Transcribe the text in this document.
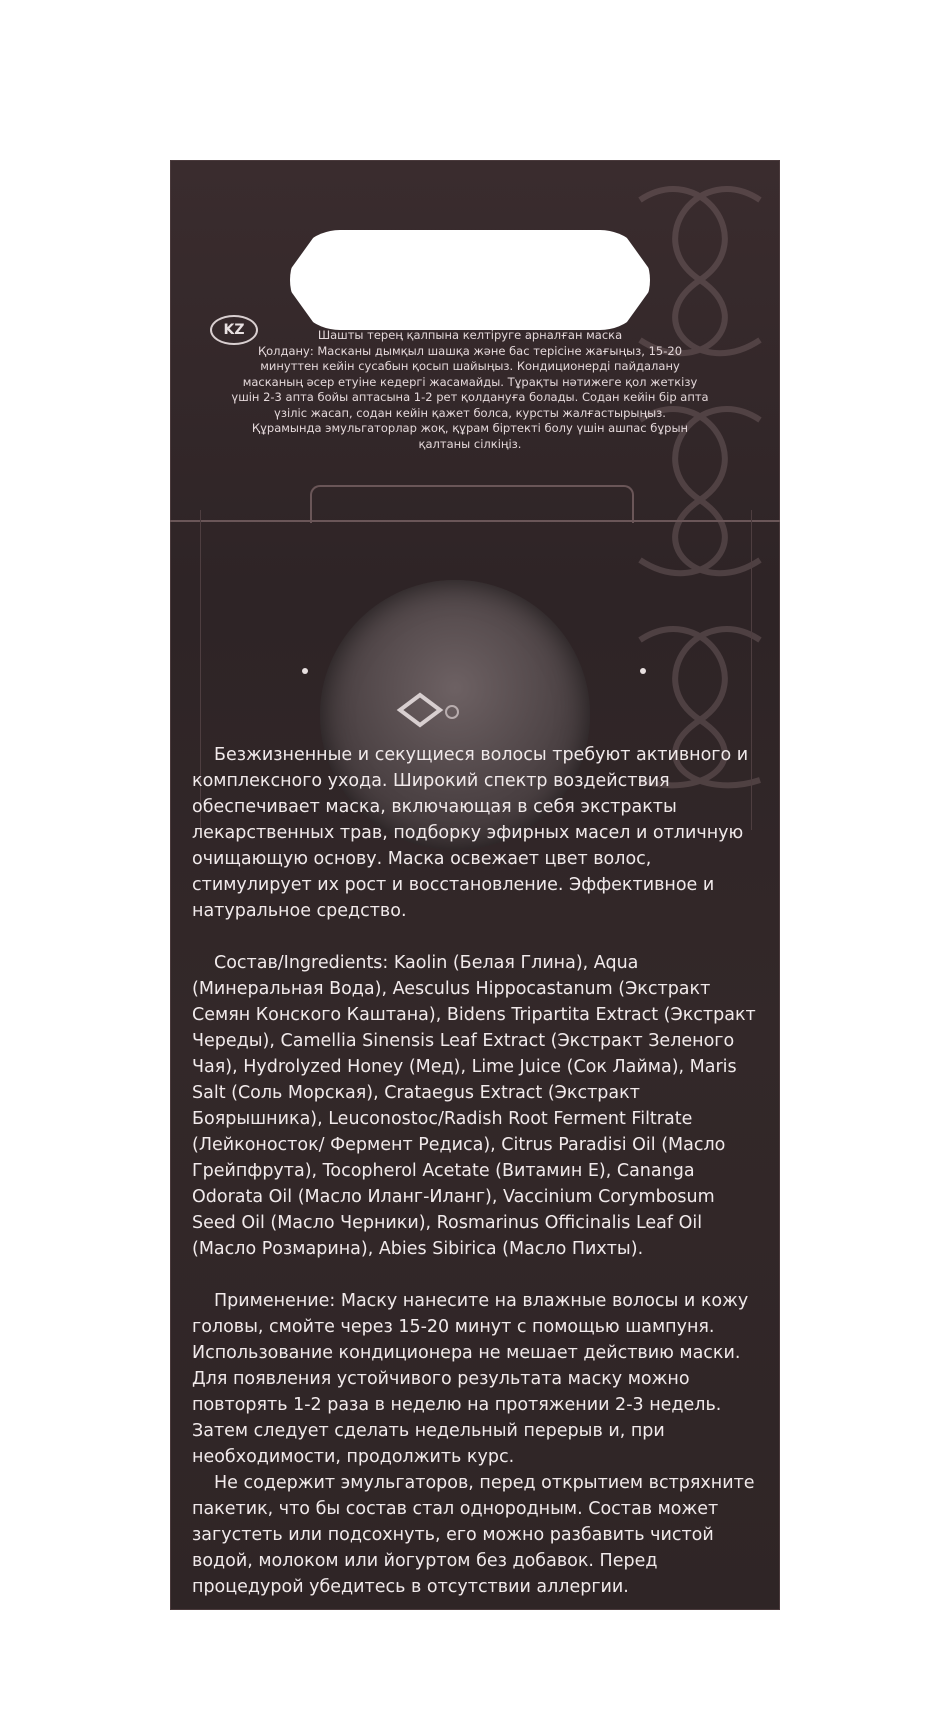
KZ	Шашты терең қалпына келтіруге арналған маска

Қолдану: Масканы дымқыл шашқа және бас терісіне жағыңыз, 15-20 минуттен кейін сусабын қосып шайыңыз. Кондиционерді пайдалану масканың әсер етуіне кедергі жасамайды. Тұрақты нәтижеге қол жеткізу үшін 2-3 апта бойы аптасына 1-2 рет қолдануға болады. Содан кейін бір апта үзіліс жасап, содан кейін қажет болса, курсты жалғастырыңыз.

Құрамында эмульгаторлар жоқ, құрам біртекті болу үшін ашпас бұрын қалтаны сілкіңіз.

Безжизненные и секущиеся волосы требуют активного и комплексного ухода. Широкий спектр воздействия обеспечивает маска, включающая в себя экстракты лекарственных трав, подборку эфирных масел и отличную очищающую основу. Маска освежает цвет волос, стимулирует их рост и восстановление. Эффективное и натуральное средство.

Состав/Ingredients: Kaolin (Белая Глина), Aqua (Минеральная Вода), Aesculus Hippocastanum (Экстракт Семян Конского Каштана), Bidens Tripartita Extract (Экстракт Череды), Camellia Sinensis Leaf Extract (Экстракт Зеленого Чая), Hydrolyzed Honey (Мед), Lime Juice (Сок Лайма), Maris Salt (Соль Морская), Crataegus Extract (Экстракт Боярышника), Leuconostoc/Radish Root Ferment Filtrate (Лейконосток/ Фермент Редиса), Citrus Paradisi Oil (Масло Грейпфрута), Tocopherol Acetate (Витамин Е), Cananga Odorata Oil (Масло Иланг-Иланг), Vaccinium Corymbosum Seed Oil (Масло Черники), Rosmarinus Officinalis Leaf Oil (Масло Розмарина), Abies Sibirica (Масло Пихты).

Применение: Маску нанесите на влажные волосы и кожу головы, смойте через 15-20 минут с помощью шампуня. Использование кондиционера не мешает действию маски. Для появления устойчивого результата маску можно повторять 1-2 раза в неделю на протяжении 2-3 недель. Затем следует сделать недельный перерыв и, при необходимости, продолжить курс.

Не содержит эмульгаторов, перед открытием встряхните пакетик, что бы состав стал однородным. Состав может загустеть или подсохнуть, его можно разбавить чистой водой, молоком или йогуртом без добавок. Перед процедурой убедитесь в отсутствии аллергии.
